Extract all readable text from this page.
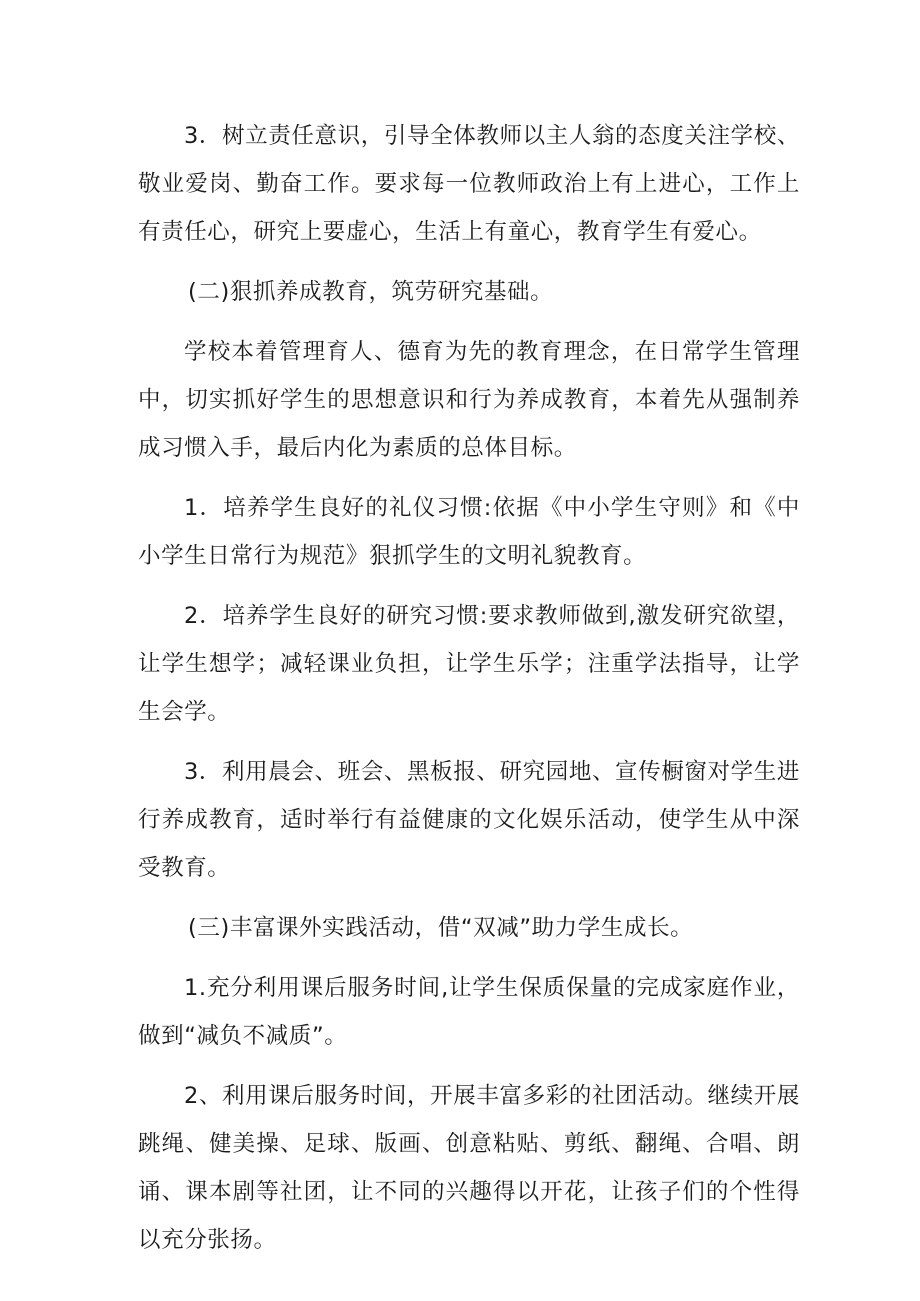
3．树立责任意识，引导全体教师以主人翁的态度关注学校、敬业爱岗、勤奋工作。要求每一位教师政治上有上进心，工作上有责任心，研究上要虚心，生活上有童心，教育学生有爱心。

(二)狠抓养成教育，筑劳研究基础。

学校本着管理育人、德育为先的教育理念，在日常学生管理中，切实抓好学生的思想意识和行为养成教育，本着先从强制养成习惯入手，最后内化为素质的总体目标。

1．培养学生良好的礼仪习惯:依据《中小学生守则》和《中小学生日常行为规范》狠抓学生的文明礼貌教育。

2．培养学生良好的研究习惯:要求教师做到,激发研究欲望，让学生想学；减轻课业负担，让学生乐学；注重学法指导，让学生会学。

3．利用晨会、班会、黑板报、研究园地、宣传橱窗对学生进行养成教育，适时举行有益健康的文化娱乐活动，使学生从中深受教育。

(三)丰富课外实践活动，借“双减”助力学生成长。

1.充分利用课后服务时间,让学生保质保量的完成家庭作业，做到“减负不减质”。

2、利用课后服务时间，开展丰富多彩的社团活动。继续开展跳绳、健美操、足球、版画、创意粘贴、剪纸、翻绳、合唱、朗诵、课本剧等社团，让不同的兴趣得以开花，让孩子们的个性得以充分张扬。
